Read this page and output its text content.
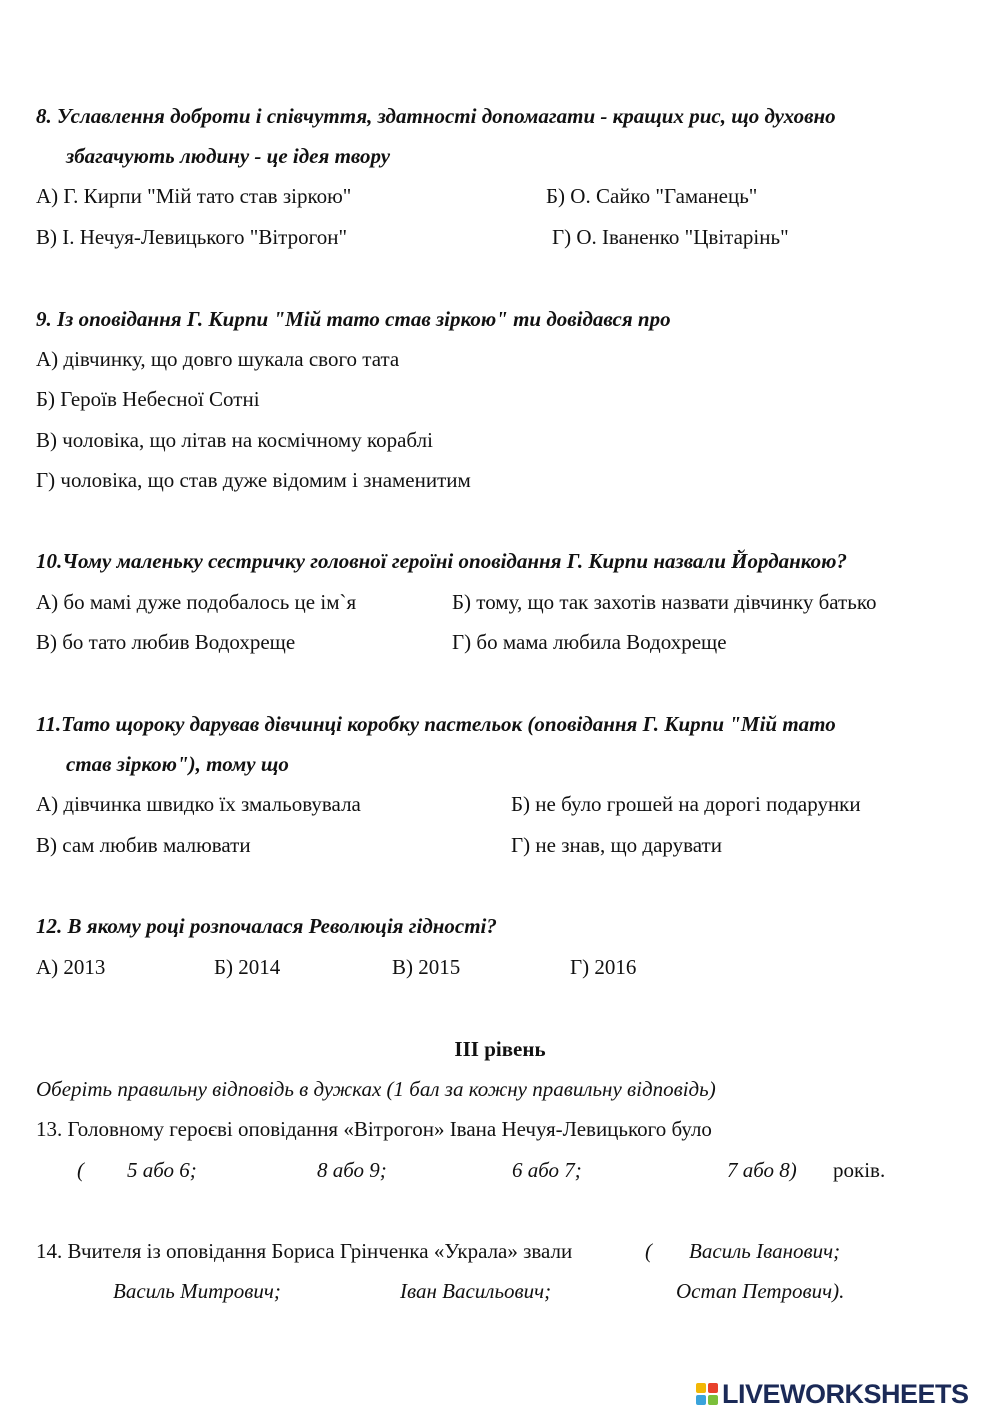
8. Уславлення доброти і співчуття, здатності допомагати - кращих рис, що духовно
збагачують людину - це ідея твору
А) Г. Кирпи "Мій тато став зіркою"	Б) О. Сайко "Гаманець"
В) І. Нечуя-Левицького "Вітрогон"	Г) О. Іваненко "Цвітарінь"
9. Із оповідання Г. Кирпи "Мій тато став зіркою" ти довідався про
А) дівчинку, що довго шукала свого тата
Б) Героїв Небесної Сотні
В) чоловіка, що літав на космічному кораблі
Г) чоловіка, що став дуже відомим і знаменитим
10.Чому маленьку сестричку головної героїні оповідання Г. Кирпи назвали Йорданкою?
А) бо мамі дуже подобалось це ім`я	Б) тому, що так захотів назвати дівчинку батько
В) бо тато любив Водохреще	Г) бо мама любила Водохреще
11.Тато щороку дарував дівчинці коробку пастельок (оповідання Г. Кирпи "Мій тато
став зіркою"), тому що
А) дівчинка швидко їх змальовувала	Б) не було грошей на дорогі подарунки
В) сам любив малювати	Г) не знав, що дарувати
12. В якому році розпочалася Революція гідності?
А) 2013	Б) 2014	В) 2015	Г) 2016
ІІІ рівень
Оберіть правильну відповідь в дужках (1 бал за кожну правильну відповідь)
13. Головному героєві оповідання «Вітрогон» Івана Нечуя-Левицького було
( 5 або 6;	8 або 9;	6 або 7;	7 або 8) років.
14. Вчителя із оповідання Бориса Грінченка «Украла» звали	( Василь Іванович;
Василь Митрович;	Іван Васильович;	Остап Петрович).
LIVEWORKSHEETS
